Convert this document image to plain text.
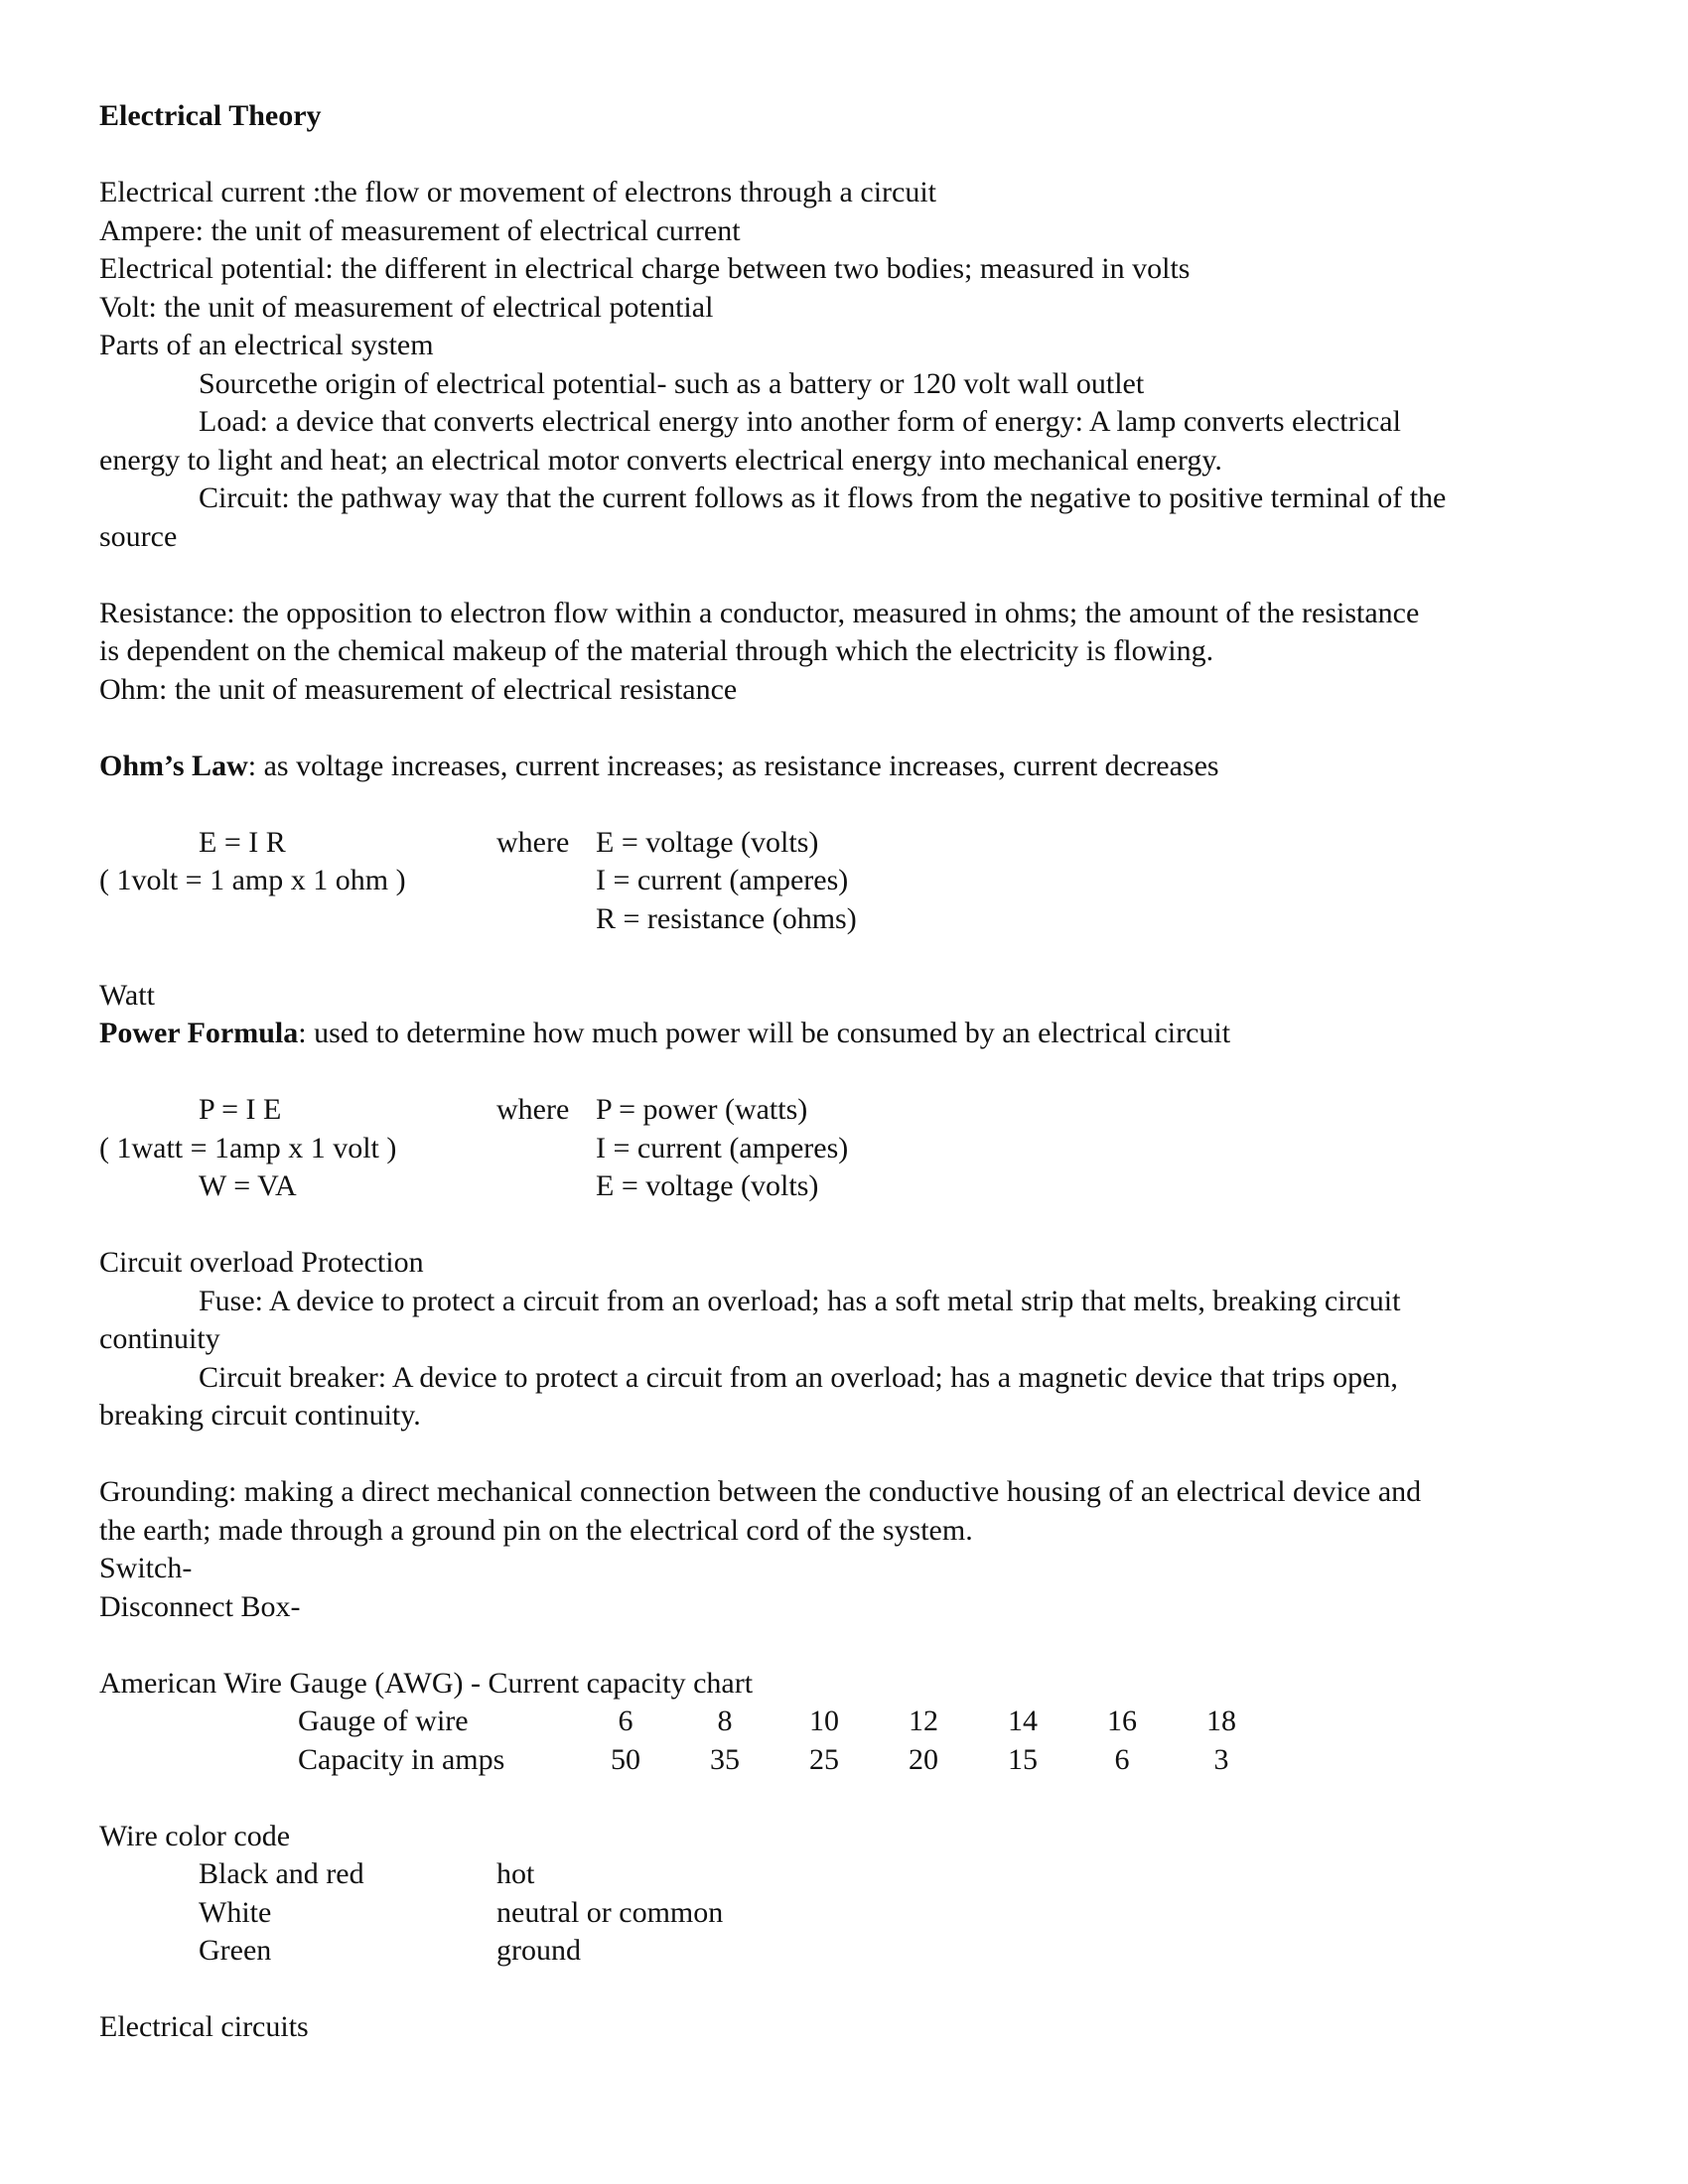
Electrical Theory
Electrical current :the flow or movement of electrons through a circuit
Ampere: the unit of measurement of electrical current
Electrical potential: the different in electrical charge between two bodies; measured in volts
Volt: the unit of measurement of electrical potential
Parts of an electrical system
Sourcethe origin of electrical potential- such as a battery or 120 volt wall outlet
Load: a device that converts electrical energy into another form of energy: A lamp converts electrical
energy to light and heat; an electrical motor converts electrical energy into mechanical energy.
Circuit: the pathway way that the current follows as it flows from the negative to positive terminal of the
source
Resistance: the opposition to electron flow within a conductor, measured in ohms; the amount of the resistance
is dependent on the chemical makeup of the material through which the electricity is flowing.
Ohm: the unit of measurement of electrical resistance
Ohm’s Law: as voltage increases, current increases; as resistance increases, current decreases
E = I R	where E = voltage (volts)
( 1volt = 1 amp x 1 ohm )	I = current (amperes)
R = resistance (ohms)
Watt
Power Formula: used to determine how much power will be consumed by an electrical circuit
P = I E	where P = power (watts)
( 1watt = 1amp x 1 volt )	I = current (amperes)
W = VA	E = voltage (volts)
Circuit overload Protection
Fuse: A device to protect a circuit from an overload; has a soft metal strip that melts, breaking circuit
continuity
Circuit breaker: A device to protect a circuit from an overload; has a magnetic device that trips open,
breaking circuit continuity.
Grounding: making a direct mechanical connection between the conductive housing of an electrical device and
the earth; made through a ground pin on the electrical cord of the system.
Switch-
Disconnect Box-
American Wire Gauge (AWG) - Current capacity chart
Gauge of wire	6	8	10	12	14	16	18
Capacity in amps	50	35	25	20	15	6	3
Wire color code
Black and red	hot
White	neutral or common
Green	ground
Electrical circuits
